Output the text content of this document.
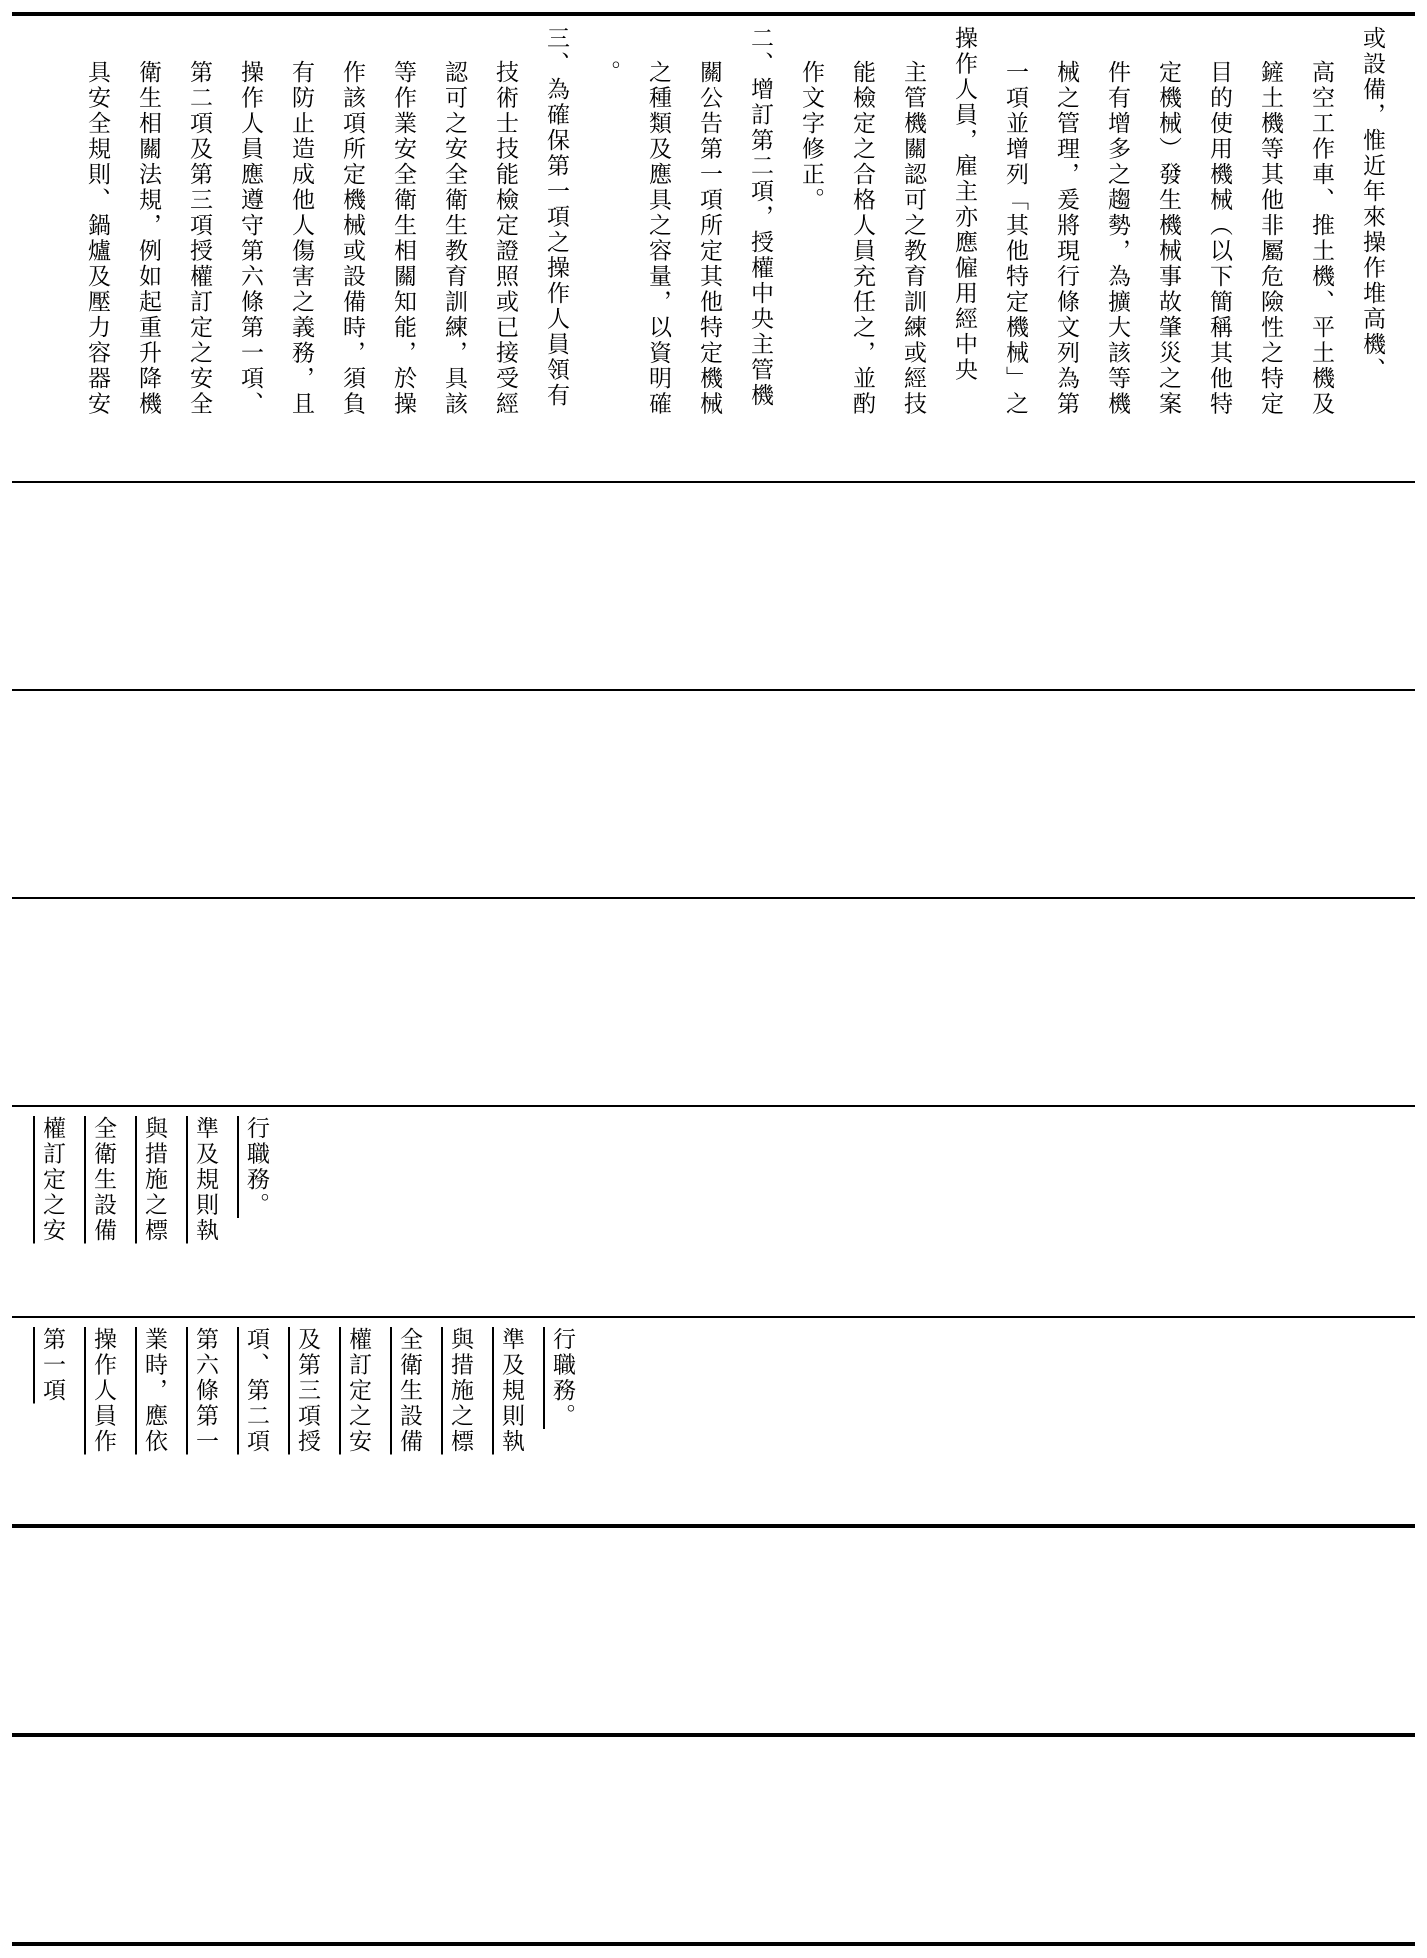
或設備，惟近年來操作堆高機、
高空工作車、推土機、平土機及
鏟土機等其他非屬危險性之特定
目的使用機械（以下簡稱其他特
定機械）發生機械事故肇災之案
件有增多之趨勢，為擴大該等機
械之管理，爰將現行條文列為第
一項並增列「其他特定機械」之
操作人員，雇主亦應僱用經中央
主管機關認可之教育訓練或經技
能檢定之合格人員充任之，並酌
作文字修正。
二、增訂第二項，授權中央主管機
關公告第一項所定其他特定機械
之種類及應具之容量，以資明確
。
三、為確保第一項之操作人員領有
技術士技能檢定證照或已接受經
認可之安全衛生教育訓練，具該
等作業安全衛生相關知能，於操
作該項所定機械或設備時，須負
有防止造成他人傷害之義務，且
操作人員應遵守第六條第一項、
第二項及第三項授權訂定之安全
衛生相關法規，例如起重升降機
具安全規則、鍋爐及壓力容器安
權訂定之安	全衛生設備	與措施之標	準及規則執	行職務。
第一項	操作人員作	業時，應依	第六條第一	項、第二項	及第三項授	權訂定之安	全衛生設備	與措施之標	準及規則執	行職務。
